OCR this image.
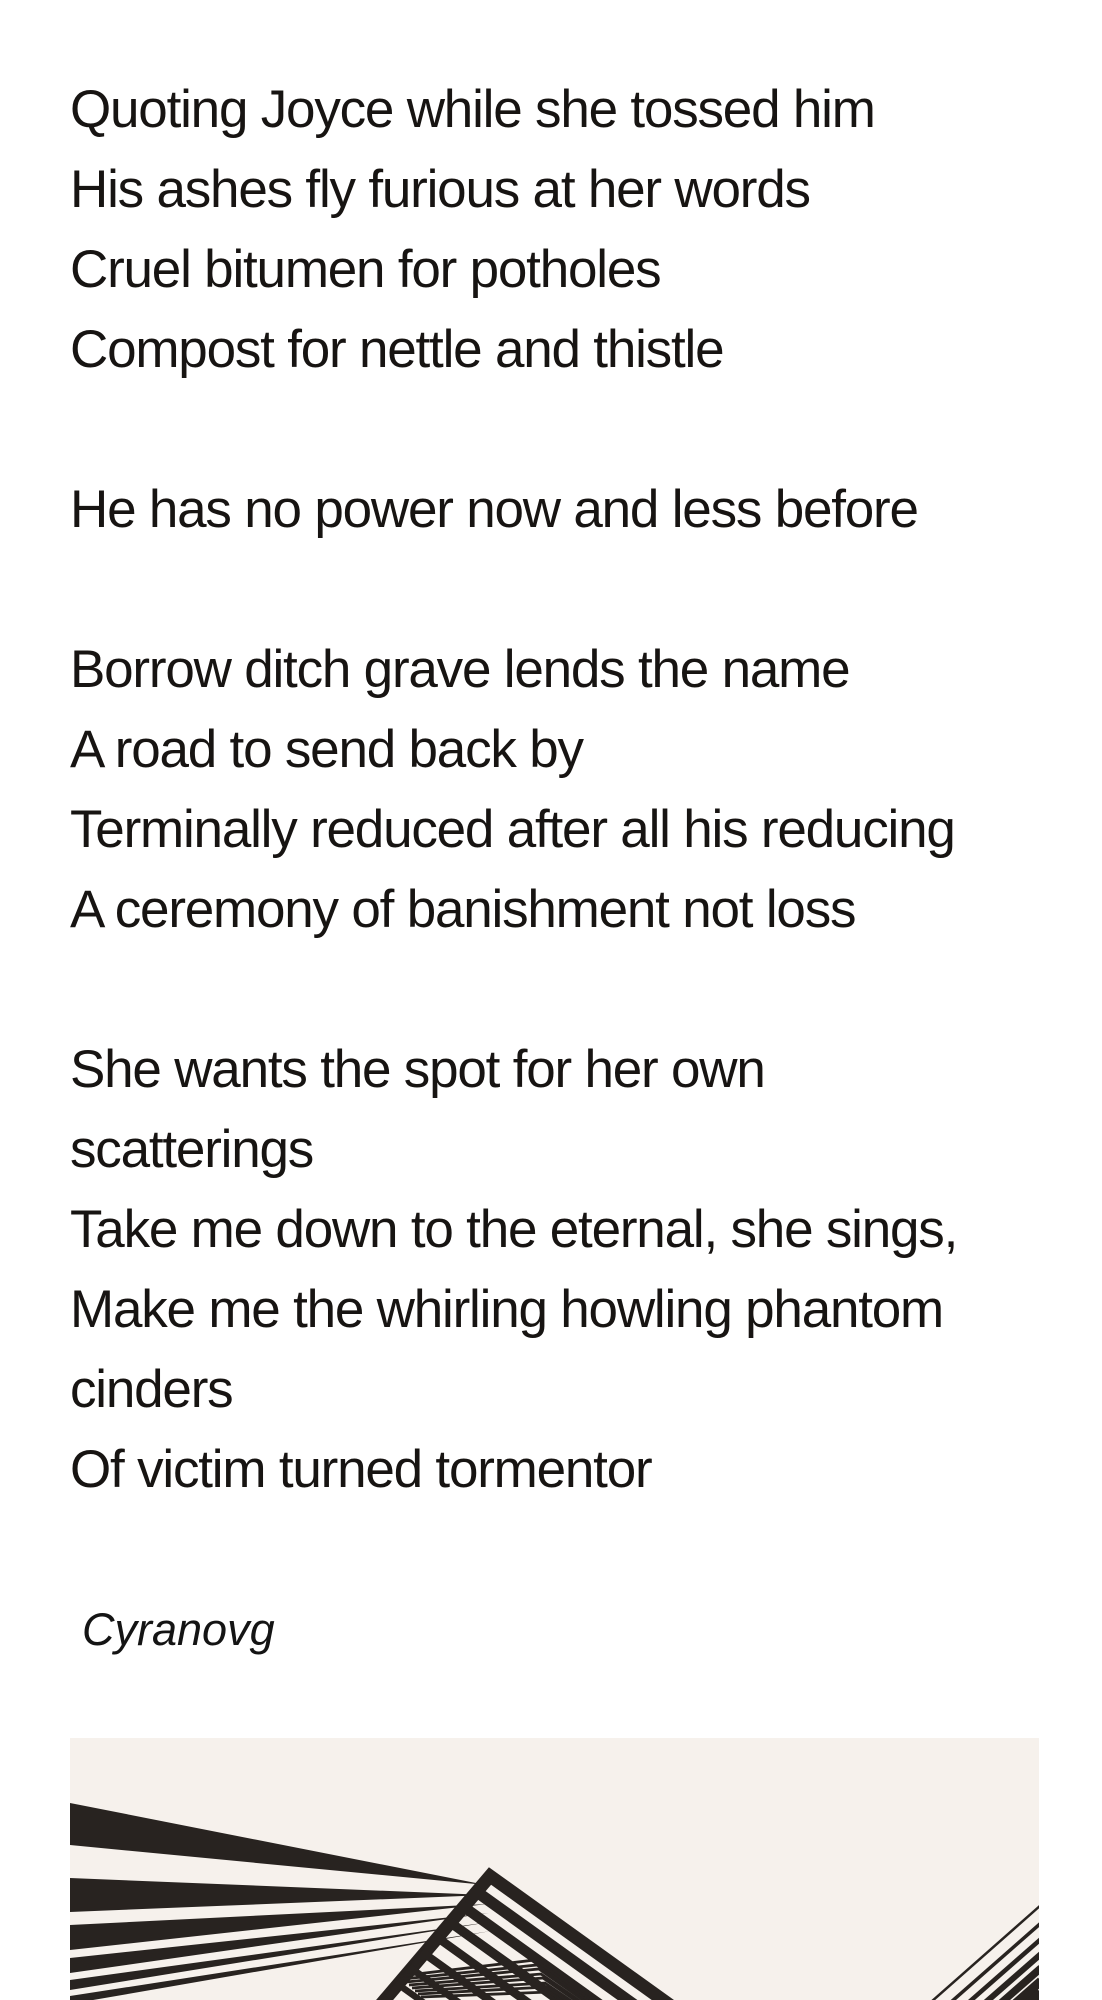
Quoting Joyce while she tossed him

His ashes fly furious at her words

Cruel bitumen for potholes

Compost for nettle and thistle

He has no power now and less before

Borrow ditch grave lends the name

A road to send back by

Terminally reduced after all his reducing

A ceremony of banishment not loss

She wants the spot for her own

scatterings

Take me down to the eternal, she sings,

Make me the whirling howling phantom

cinders

Of victim turned tormentor

Cyranovg
